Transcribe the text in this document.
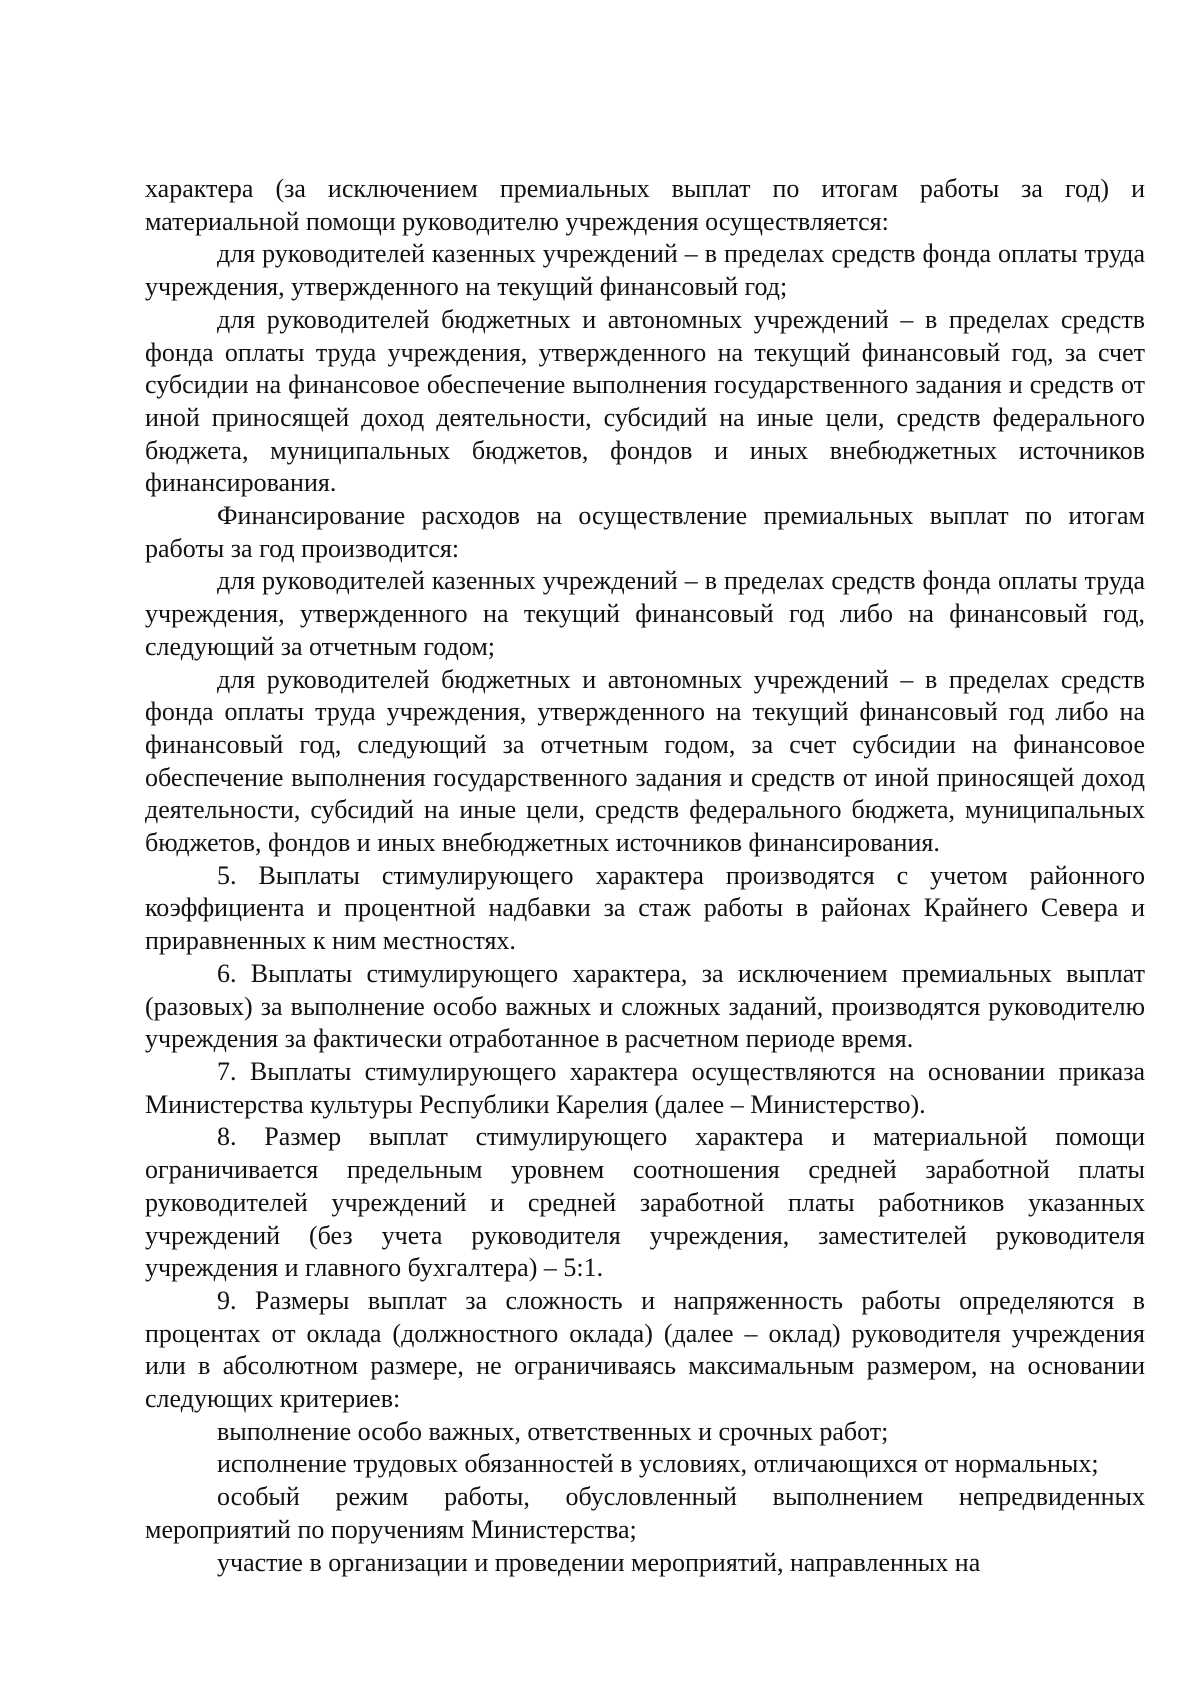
характера (за исключением премиальных выплат по итогам работы за год) и материальной помощи руководителю учреждения осуществляется:

для руководителей казенных учреждений – в пределах средств фонда оплаты труда учреждения, утвержденного на текущий финансовый год;

для руководителей бюджетных и автономных учреждений – в пределах средств фонда оплаты труда учреждения, утвержденного на текущий финансовый год, за счет субсидии на финансовое обеспечение выполнения государственного задания и средств от иной приносящей доход деятельности, субсидий на иные цели, средств федерального бюджета, муниципальных бюджетов, фондов и иных внебюджетных источников финансирования.

Финансирование расходов на осуществление премиальных выплат по итогам работы за год производится:

для руководителей казенных учреждений – в пределах средств фонда оплаты труда учреждения, утвержденного на текущий финансовый год либо на финансовый год, следующий за отчетным годом;

для руководителей бюджетных и автономных учреждений – в пределах средств фонда оплаты труда учреждения, утвержденного на текущий финансовый год либо на финансовый год, следующий за отчетным годом, за счет субсидии на финансовое обеспечение выполнения государственного задания и средств от иной приносящей доход деятельности, субсидий на иные цели, средств федерального бюджета, муниципальных бюджетов, фондов и иных внебюджетных источников финансирования.

5. Выплаты стимулирующего характера производятся с учетом районного коэффициента и процентной надбавки за стаж работы в районах Крайнего Севера и приравненных к ним местностях.

6. Выплаты стимулирующего характера, за исключением премиальных выплат (разовых) за выполнение особо важных и сложных заданий, производятся руководителю учреждения за фактически отработанное в расчетном периоде время.

7. Выплаты стимулирующего характера осуществляются на основании приказа Министерства культуры Республики Карелия (далее – Министерство).

8. Размер выплат стимулирующего характера и материальной помощи ограничивается предельным уровнем соотношения средней заработной платы руководителей учреждений и средней заработной платы работников указанных учреждений (без учета руководителя учреждения, заместителей руководителя учреждения и главного бухгалтера) – 5:1.

9. Размеры выплат за сложность и напряженность работы определяются в процентах от оклада (должностного оклада) (далее – оклад) руководителя учреждения или в абсолютном размере, не ограничиваясь максимальным размером, на основании следующих критериев:

выполнение особо важных, ответственных и срочных работ;

исполнение трудовых обязанностей в условиях, отличающихся от нормальных;

особый режим работы, обусловленный выполнением непредвиденных мероприятий по поручениям Министерства;

участие в организации и проведении мероприятий, направленных на
